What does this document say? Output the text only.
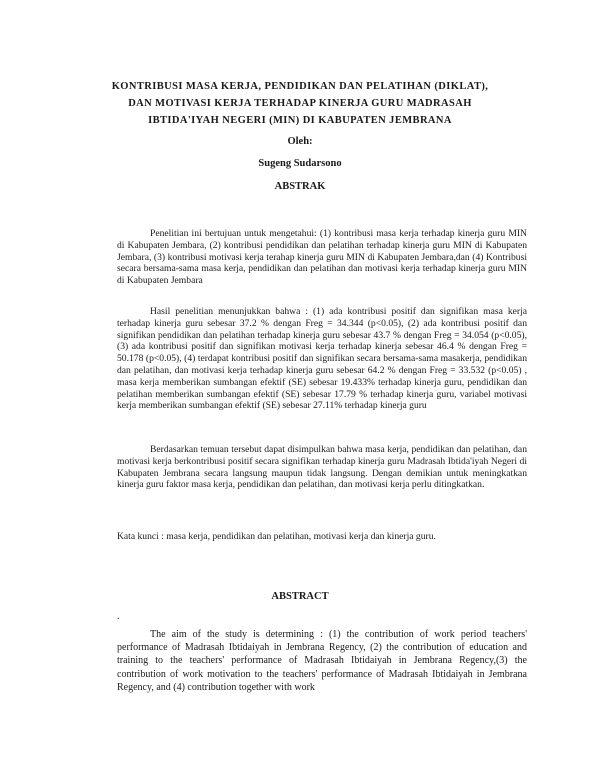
KONTRIBUSI MASA KERJA, PENDIDIKAN DAN PELATIHAN (DIKLAT),
DAN MOTIVASI KERJA TERHADAP KINERJA GURU MADRASAH
IBTIDA'IYAH NEGERI (MIN) DI KABUPATEN JEMBRANA
Oleh:
Sugeng Sudarsono
ABSTRAK

Penelitian ini bertujuan untuk mengetahui: (1) kontribusi masa kerja terhadap kinerja guru MIN di Kabupaten Jembara, (2) kontribusi pendidikan dan pelatihan terhadap kinerja guru MIN di Kabupaten Jembara, (3) kontribusi motivasi kerja terahap kinerja guru MIN di Kabupaten Jembara,dan (4) Kontribusi secara bersama-sama masa kerja, pendidikan dan pelatihan dan motivasi kerja terhadap kinerja guru MIN di Kabupaten Jembara

Hasil penelitian menunjukkan bahwa : (1) ada kontribusi positif dan signifikan masa kerja terhadap kinerja guru sebesar 37.2 % dengan Freg = 34.344 (p<0.05), (2) ada kontribusi positif dan signifikan pendidikan dan pelatihan terhadap kinerja guru sebesar 43.7 % dengan Freg = 34.054 (p<0.05), (3) ada kontribusi positif dan signifikan motivasi kerja terhadap kinerja sebesar 46.4 % dengan Freg = 50.178 (p<0.05), (4) terdapat kontribusi positif dan signifikan secara bersama-sama masakerja, pendidikan dan pelatihan, dan motivasi kerja terhadap kinerja guru sebesar 64.2 % dengan Freg = 33.532 (p<0.05) , masa kerja memberikan sumbangan efektif (SE) sebesar 19.433% terhadap kinerja guru, pendidikan dan pelatihan memberikan sumbangan efektif (SE) sebesar 17.79 % terhadap kinerja guru, variabel motivasi kerja memberikan sumbangan efektif (SE) sebesar 27.11% terhadap kinerja guru

Berdasarkan temuan tersebut dapat disimpulkan bahwa masa kerja, pendidikan dan pelatihan, dan motivasi kerja berkontribusi positif secara signifikan terhadap kinerja guru Madrasah Ibtida'iyah Negeri di Kabupaten Jembrana secara langsung maupun tidak langsung. Dengan demikian untuk meningkatkan kinerja guru faktor masa kerja, pendidikan dan pelatihan, dan motivasi kerja perlu ditingkatkan.

Kata kunci : masa kerja, pendidikan dan pelatihan, motivasi kerja dan kinerja guru.
ABSTRACT
.

The aim of the study is determining : (1) the contribution of work period teachers' performance of Madrasah Ibtidaiyah in Jembrana Regency, (2) the contribution of education and training to the teachers' performance of Madrasah Ibtidaiyah in Jembrana Regency,(3) the contribution of work motivation to the teachers' performance of Madrasah Ibtidaiyah in Jembrana Regency, and (4) contribution together with work
